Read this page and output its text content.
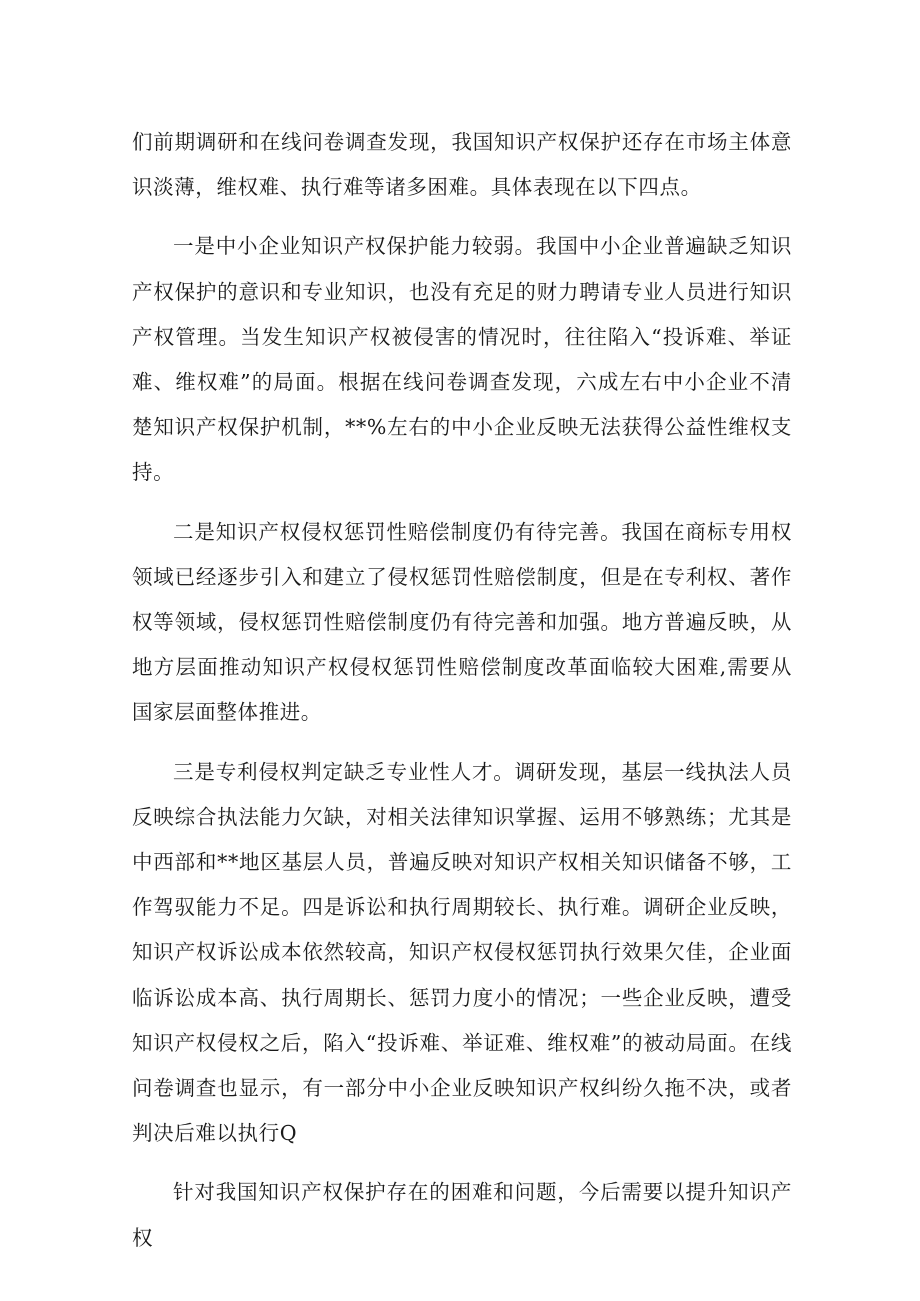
们前期调研和在线问卷调查发现，我国知识产权保护还存在市场主体意识淡薄，维权难、执行难等诸多困难。具体表现在以下四点。

一是中小企业知识产权保护能力较弱。我国中小企业普遍缺乏知识产权保护的意识和专业知识，也没有充足的财力聘请专业人员进行知识产权管理。当发生知识产权被侵害的情况时，往往陷入“投诉难、举证难、维权难”的局面。根据在线问卷调查发现，六成左右中小企业不清楚知识产权保护机制，**%左右的中小企业反映无法获得公益性维权支持。

二是知识产权侵权惩罚性赔偿制度仍有待完善。我国在商标专用权领域已经逐步引入和建立了侵权惩罚性赔偿制度，但是在专利权、著作权等领域，侵权惩罚性赔偿制度仍有待完善和加强。地方普遍反映，从地方层面推动知识产权侵权惩罚性赔偿制度改革面临较大困难,需要从国家层面整体推进。

三是专利侵权判定缺乏专业性人才。调研发现，基层一线执法人员反映综合执法能力欠缺，对相关法律知识掌握、运用不够熟练；尤其是中西部和**地区基层人员，普遍反映对知识产权相关知识储备不够，工作驾驭能力不足。四是诉讼和执行周期较长、执行难。调研企业反映，知识产权诉讼成本依然较高，知识产权侵权惩罚执行效果欠佳，企业面临诉讼成本高、执行周期长、惩罚力度小的情况；一些企业反映，遭受知识产权侵权之后，陷入“投诉难、举证难、维权难”的被动局面。在线问卷调查也显示，有一部分中小企业反映知识产权纠纷久拖不决，或者判决后难以执行Q

针对我国知识产权保护存在的困难和问题，今后需要以提升知识产权
